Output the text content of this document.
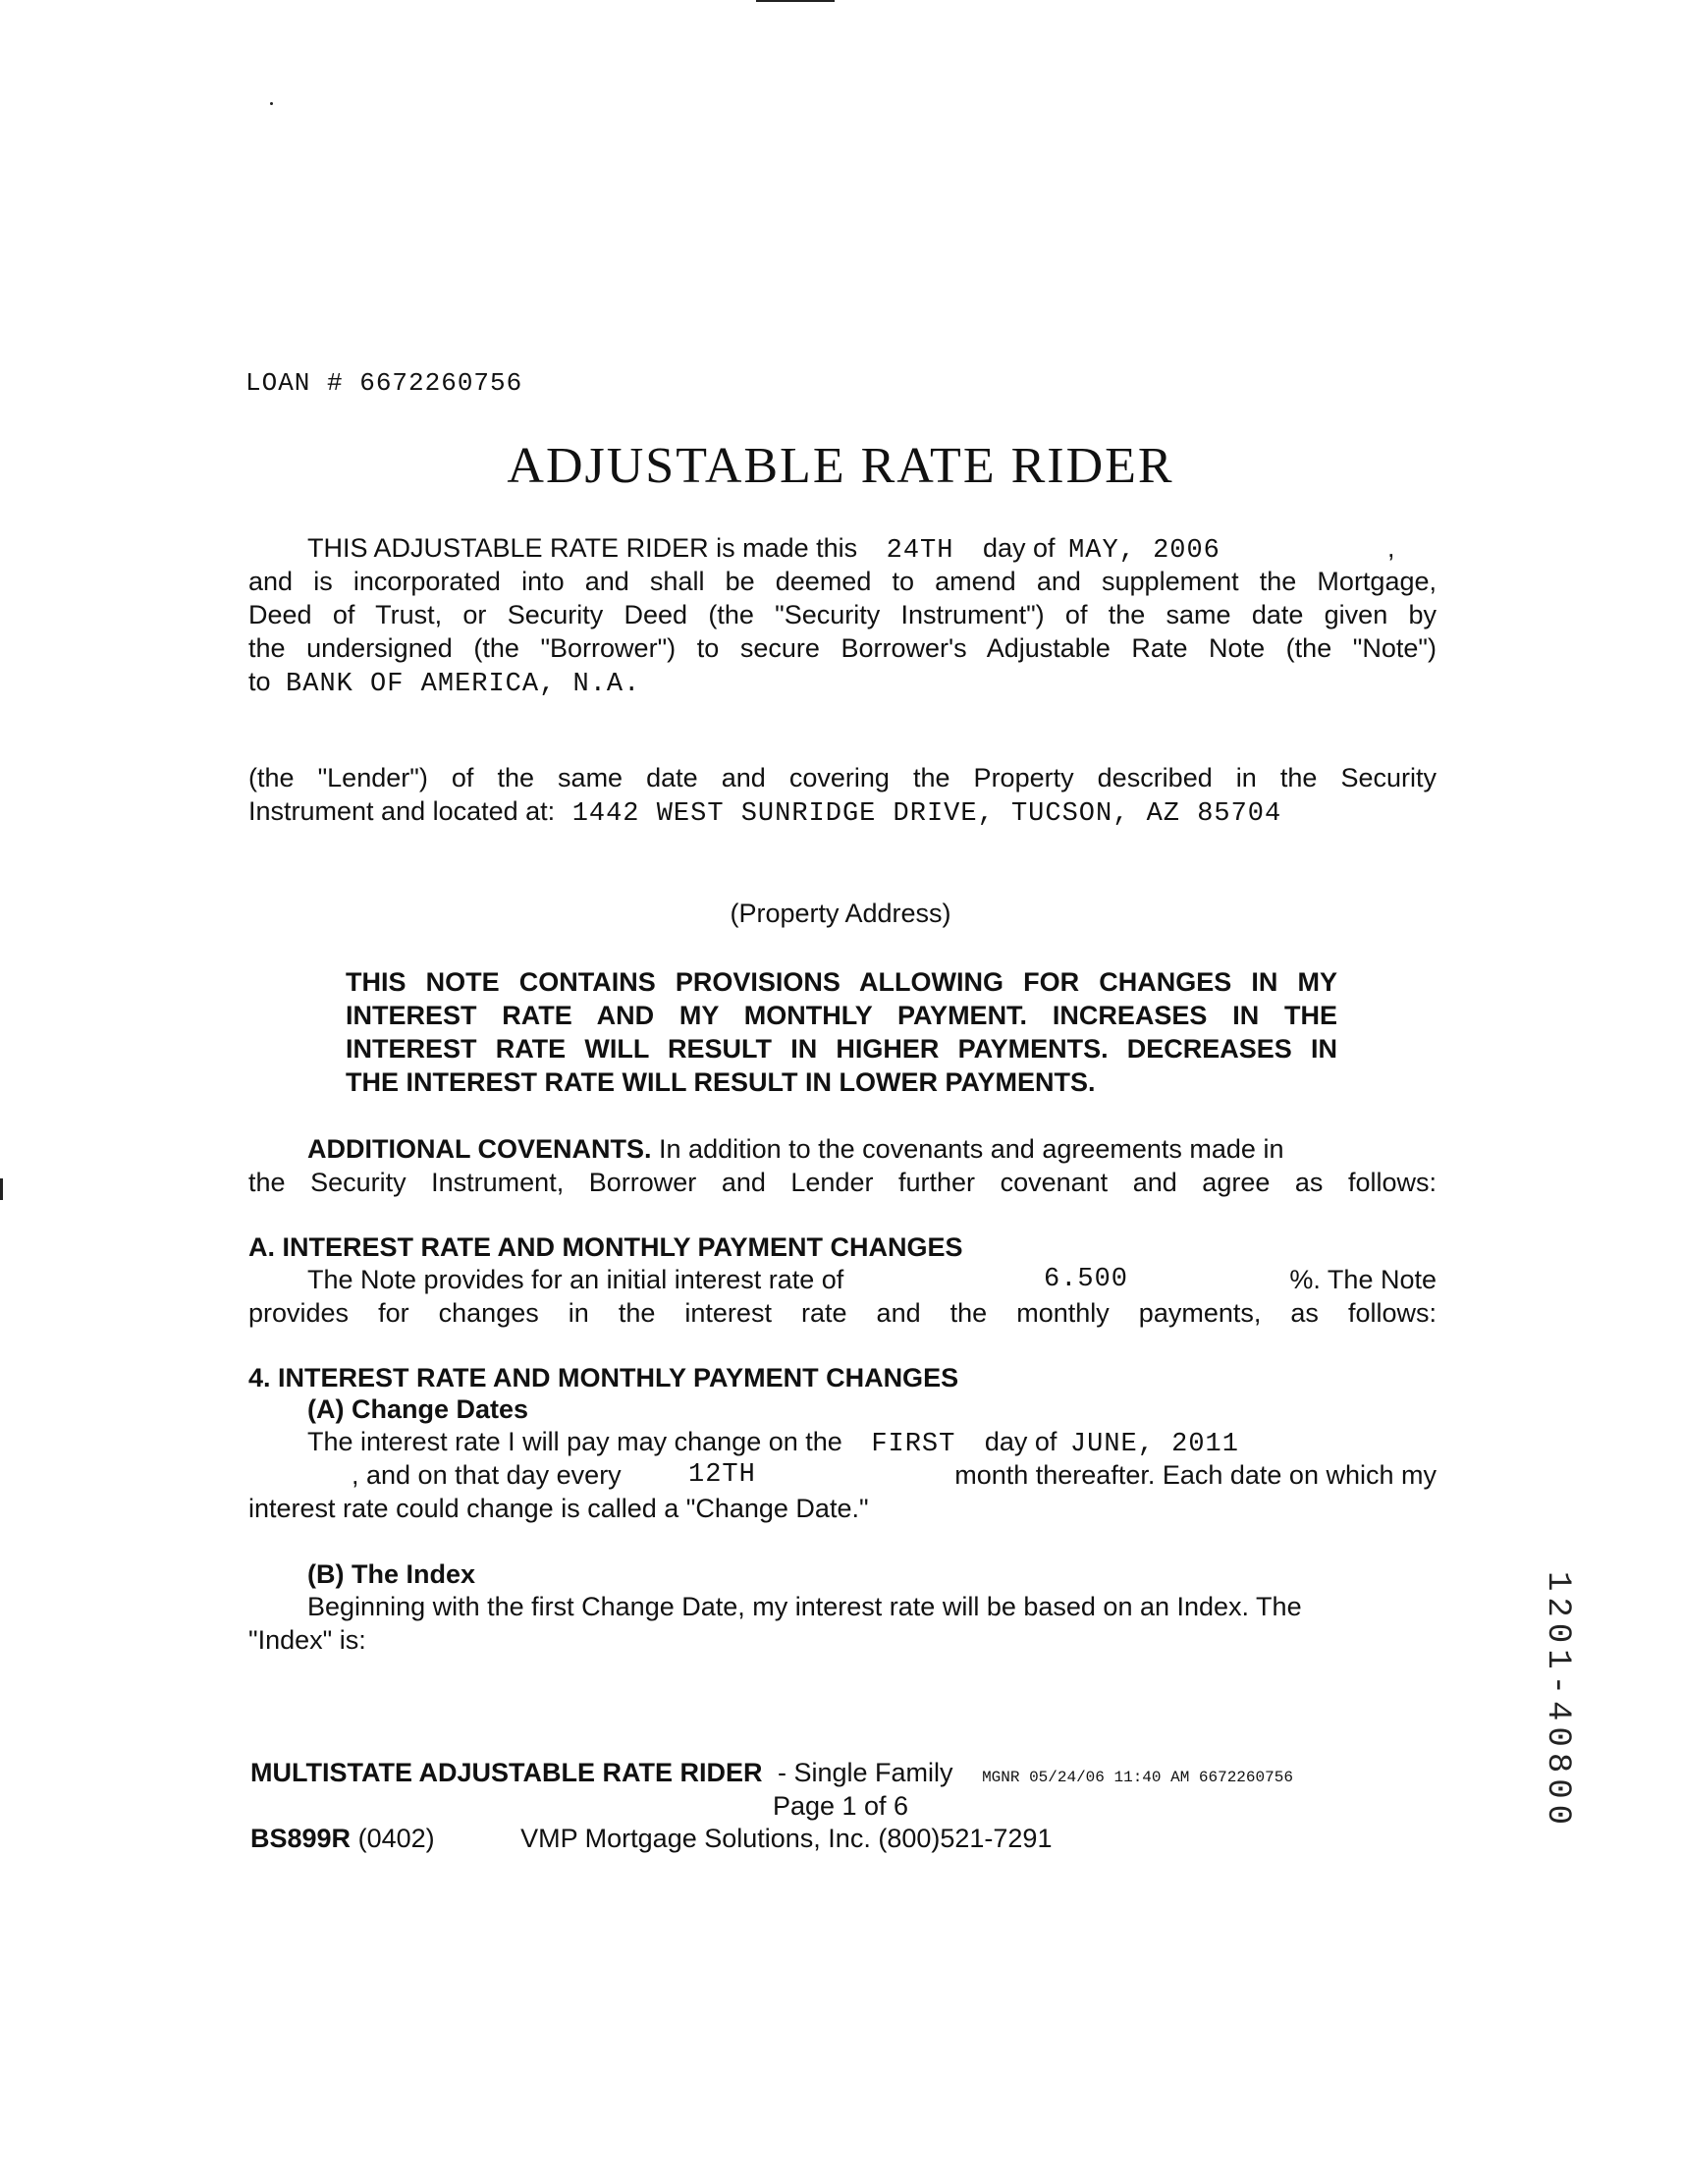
LOAN # 6672260756
ADJUSTABLE RATE RIDER
THIS ADJUSTABLE RATE RIDER is made this 24TH day of MAY, 2006	,
and is incorporated into and shall be deemed to amend and supplement the Mortgage,
Deed of Trust, or Security Deed (the "Security Instrument") of the same date given by
the undersigned (the "Borrower") to secure Borrower's Adjustable Rate Note (the "Note")
to BANK OF AMERICA, N.A.
(the "Lender") of the same date and covering the Property described in the Security
Instrument and located at: 1442 WEST SUNRIDGE DRIVE, TUCSON, AZ 85704
(Property Address)
THIS NOTE CONTAINS PROVISIONS ALLOWING FOR CHANGES IN MY
INTEREST RATE AND MY MONTHLY PAYMENT. INCREASES IN THE
INTEREST RATE WILL RESULT IN HIGHER PAYMENTS. DECREASES IN
THE INTEREST RATE WILL RESULT IN LOWER PAYMENTS.
ADDITIONAL COVENANTS. In addition to the covenants and agreements made in
the Security Instrument, Borrower and Lender further covenant and agree as follows:
A. INTEREST RATE AND MONTHLY PAYMENT CHANGES
The Note provides for an initial interest rate of	6.500	%. The Note
provides for changes in the interest rate and the monthly payments, as follows:
4. INTEREST RATE AND MONTHLY PAYMENT CHANGES
(A) Change Dates
The interest rate I will pay may change on the FIRST day of JUNE, 2011
, and on that day every	12TH	month thereafter. Each date on which my
interest rate could change is called a "Change Date."
(B) The Index
Beginning with the first Change Date, my interest rate will be based on an Index. The
"Index" is:
MULTISTATE ADJUSTABLE RATE RIDER - Single Family MGNR 05/24/06 11:40 AM 6672260756
Page 1 of 6
BS899R (0402)	VMP Mortgage Solutions, Inc. (800)521-7291
1201-40800
